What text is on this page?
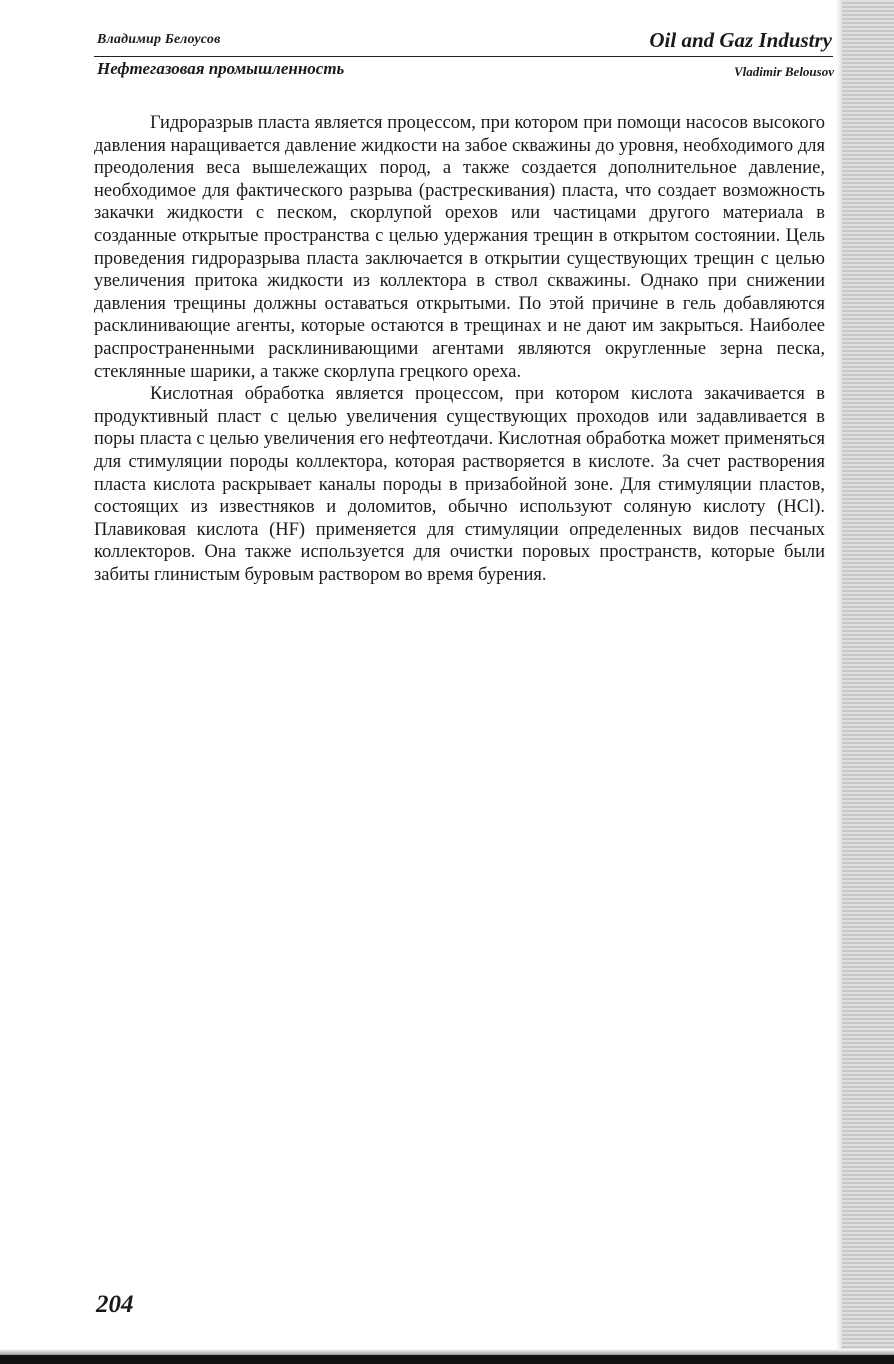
Владимир Белоусов	Oil and Gaz Industry
Нефтегазовая промышленность	Vladimir Belousov

Гидроразрыв пласта является процессом, при котором при помощи насосов высокого давления наращивается давление жидкости на забое скважины до уровня, необходимого для преодоления веса вышележащих пород, а также создается дополнительное давление, необходимое для фактического разрыва (растрескивания) пласта, что создает возможность закачки жидкости с песком, скорлупой орехов или частицами другого материала в созданные открытые пространства с целью удержания трещин в открытом состоянии. Цель проведения гидроразрыва пласта заключается в открытии существующих трещин с целью увеличения притока жидкости из коллектора в ствол скважины. Однако при снижении давления трещины должны оставаться открытыми. По этой причине в гель добавляются расклинивающие агенты, которые остаются в трещинах и не дают им закрыться. Наиболее распространенными расклинивающими агентами являются округленные зерна песка, стеклянные шарики, а также скорлупа грецкого ореха.

Кислотная обработка является процессом, при котором кислота закачивается в продуктивный пласт с целью увеличения существующих проходов или задавливается в поры пласта с целью увеличения его нефтеотдачи. Кислотная обработка может применяться для стимуляции породы коллектора, которая растворяется в кислоте. За счет растворения пласта кислота раскрывает каналы породы в призабойной зоне. Для стимуляции пластов, состоящих из известняков и доломитов, обычно используют соляную кислоту (HCl). Плавиковая кислота (HF) применяется для стимуляции определенных видов песчаных коллекторов. Она также используется для очистки поровых пространств, которые были забиты глинистым буровым раствором во время бурения.

204
